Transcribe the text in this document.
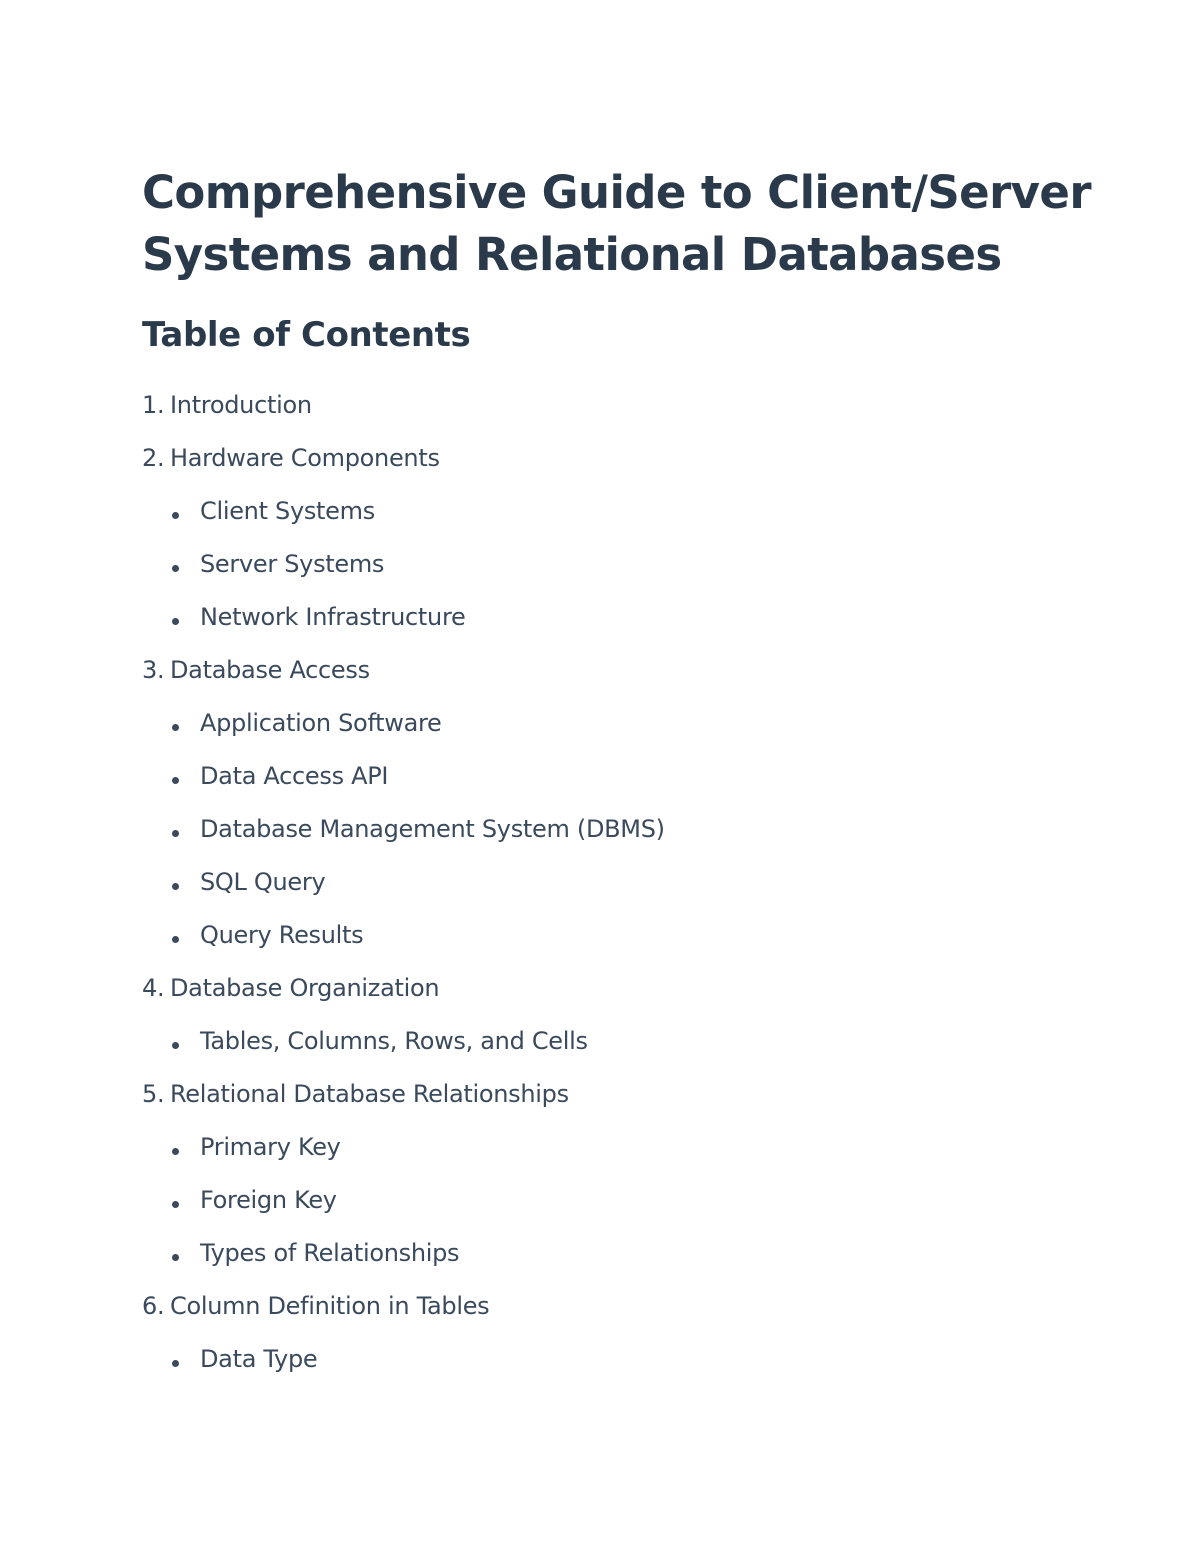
Comprehensive Guide to Client/Server
Systems and Relational Databases
Table of Contents
1. Introduction
2. Hardware Components
Client Systems
Server Systems
Network Infrastructure
3. Database Access
Application Software
Data Access API
Database Management System (DBMS)
SQL Query
Query Results
4. Database Organization
Tables, Columns, Rows, and Cells
5. Relational Database Relationships
Primary Key
Foreign Key
Types of Relationships
6. Column Definition in Tables
Data Type
